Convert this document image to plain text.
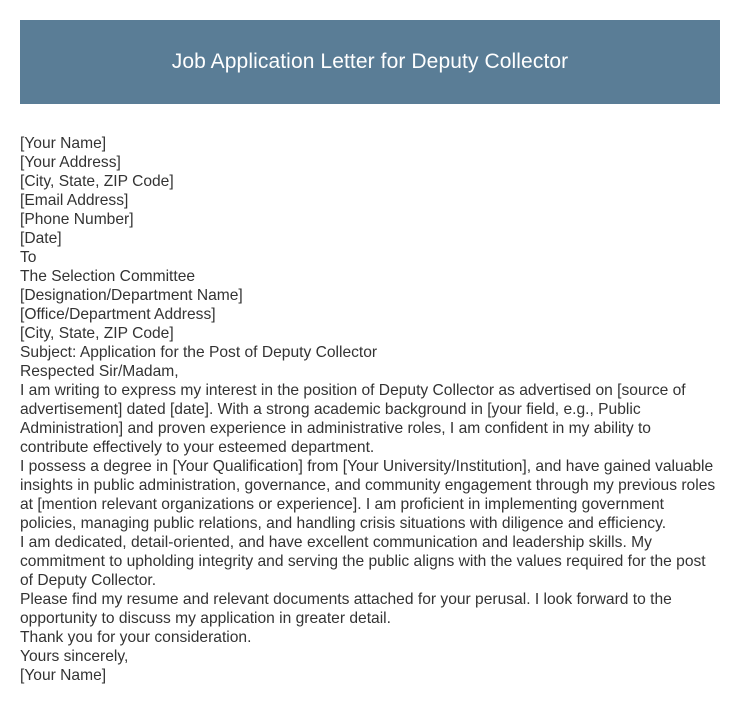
Job Application Letter for Deputy Collector
[Your Name]
[Your Address]
[City, State, ZIP Code]
[Email Address]
[Phone Number]
[Date]
To
The Selection Committee
[Designation/Department Name]
[Office/Department Address]
[City, State, ZIP Code]
Subject: Application for the Post of Deputy Collector
Respected Sir/Madam,
I am writing to express my interest in the position of Deputy Collector as advertised on [source of advertisement] dated [date]. With a strong academic background in [your field, e.g., Public Administration] and proven experience in administrative roles, I am confident in my ability to contribute effectively to your esteemed department.
I possess a degree in [Your Qualification] from [Your University/Institution], and have gained valuable insights in public administration, governance, and community engagement through my previous roles at [mention relevant organizations or experience]. I am proficient in implementing government policies, managing public relations, and handling crisis situations with diligence and efficiency.
I am dedicated, detail-oriented, and have excellent communication and leadership skills. My commitment to upholding integrity and serving the public aligns with the values required for the post of Deputy Collector.
Please find my resume and relevant documents attached for your perusal. I look forward to the opportunity to discuss my application in greater detail.
Thank you for your consideration.
Yours sincerely,
[Your Name]
